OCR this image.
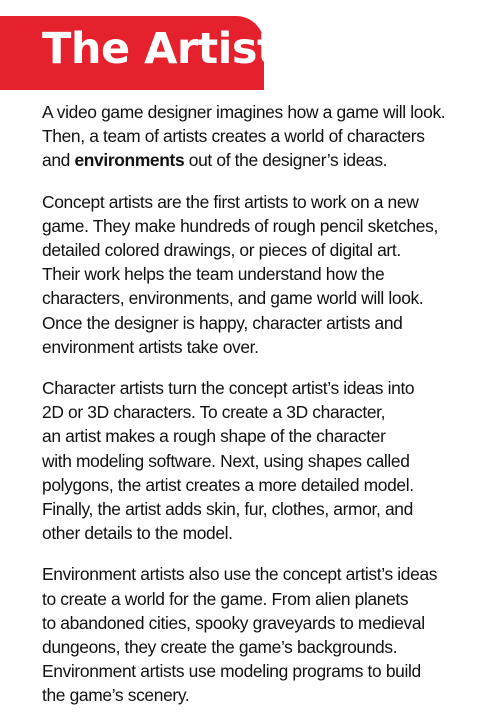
The Artists

A video game designer imagines how a game will look.
Then, a team of artists creates a world of characters
and environments out of the designer’s ideas.

Concept artists are the first artists to work on a new
game. They make hundreds of rough pencil sketches,
detailed colored drawings, or pieces of digital art.
Their work helps the team understand how the
characters, environments, and game world will look.
Once the designer is happy, character artists and
environment artists take over.

Character artists turn the concept artist’s ideas into
2D or 3D characters. To create a 3D character,
an artist makes a rough shape of the character
with modeling software. Next, using shapes called
polygons, the artist creates a more detailed model.
Finally, the artist adds skin, fur, clothes, armor, and
other details to the model.

Environment artists also use the concept artist’s ideas
to create a world for the game. From alien planets
to abandoned cities, spooky graveyards to medieval
dungeons, they create the game’s backgrounds.
Environment artists use modeling programs to build
the game’s scenery.
